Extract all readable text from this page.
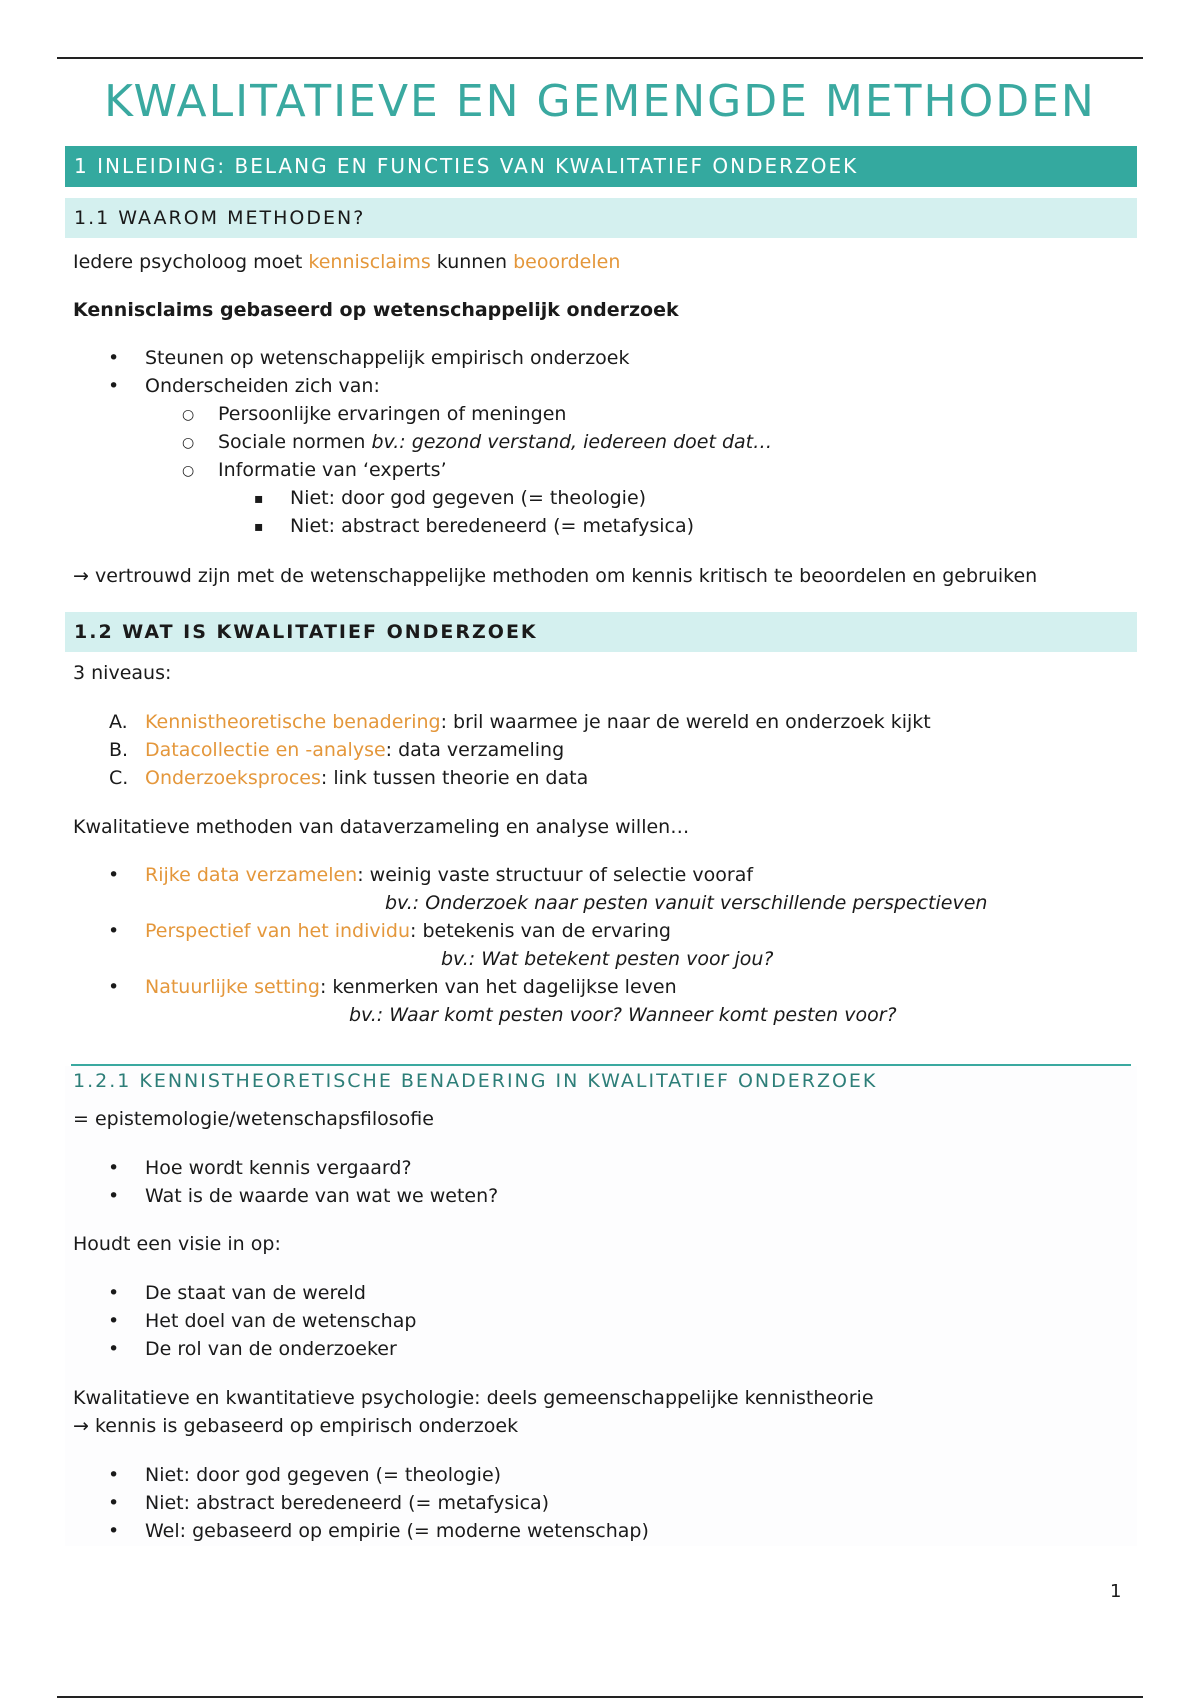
KWALITATIEVE EN GEMENGDE METHODEN
1 INLEIDING: BELANG EN FUNCTIES VAN KWALITATIEF ONDERZOEK
1.1 WAAROM METHODEN?
Iedere psycholoog moet kennisclaims kunnen beoordelen
Kennisclaims gebaseerd op wetenschappelijk onderzoek
• Steunen op wetenschappelijk empirisch onderzoek
• Onderscheiden zich van:
○ Persoonlijke ervaringen of meningen
○ Sociale normen bv.: gezond verstand, iedereen doet dat…
○ Informatie van ‘experts’
▪ Niet: door god gegeven (= theologie)
▪ Niet: abstract beredeneerd (= metafysica)
→ vertrouwd zijn met de wetenschappelijke methoden om kennis kritisch te beoordelen en gebruiken
1.2 WAT IS KWALITATIEF ONDERZOEK
3 niveaus:
A. Kennistheoretische benadering: bril waarmee je naar de wereld en onderzoek kijkt
B. Datacollectie en -analyse: data verzameling
C. Onderzoeksproces: link tussen theorie en data
Kwalitatieve methoden van dataverzameling en analyse willen…
• Rijke data verzamelen: weinig vaste structuur of selectie vooraf
bv.: Onderzoek naar pesten vanuit verschillende perspectieven
• Perspectief van het individu: betekenis van de ervaring
bv.: Wat betekent pesten voor jou?
• Natuurlijke setting: kenmerken van het dagelijkse leven
bv.: Waar komt pesten voor? Wanneer komt pesten voor?
1.2.1 KENNISTHEORETISCHE BENADERING IN KWALITATIEF ONDERZOEK
= epistemologie/wetenschapsfilosofie
• Hoe wordt kennis vergaard?
• Wat is de waarde van wat we weten?
Houdt een visie in op:
• De staat van de wereld
• Het doel van de wetenschap
• De rol van de onderzoeker
Kwalitatieve en kwantitatieve psychologie: deels gemeenschappelijke kennistheorie
→ kennis is gebaseerd op empirisch onderzoek
• Niet: door god gegeven (= theologie)
• Niet: abstract beredeneerd (= metafysica)
• Wel: gebaseerd op empirie (= moderne wetenschap)
1
